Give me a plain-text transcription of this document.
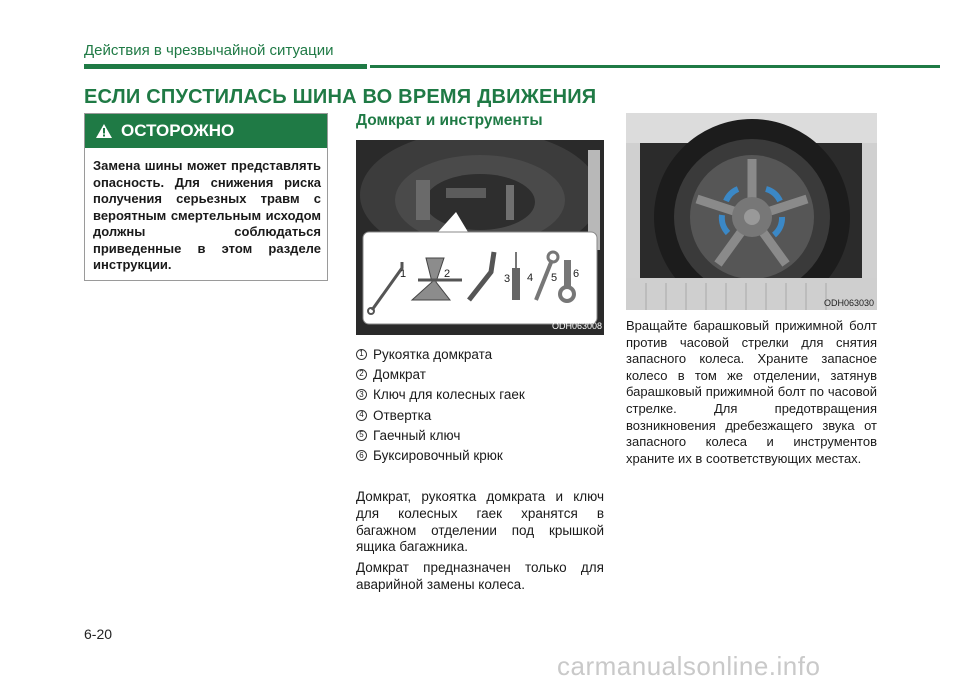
Действия в чрезвычайной ситуации
ЕСЛИ СПУСТИЛАСЬ ШИНА ВО ВРЕМЯ ДВИЖЕНИЯ
ОСТОРОЖНО
Замена шины может представлять опасность. Для снижения риска получения серьезных травм с вероятным смертельным исходом должны соблюдаться приведенные в этом разделе инструкции.
Домкрат и инструменты
1	2	3 4 5 6
ODH063008
ODH063030
1 Рукоятка домкрата
2 Домкрат
3 Ключ для колесных гаек
4 Отвертка
5 Гаечный ключ
6 Буксировочный крюк
Домкрат, рукоятка домкрата и ключ для колесных гаек хранятся в багажном отделении под крышкой ящика багажника.
Домкрат предназначен только для аварийной замены колеса.
Вращайте барашковый прижимной болт против часовой стрелки для снятия запасного колеса. Храните запасное колесо в том же отделении, затянув барашковый прижимной болт по часовой стрелке. Для предотвращения возникновения дребезжащего звука от запасного колеса и инструментов храните их в соответствующих местах.
6-20
carmanualsonline.info
